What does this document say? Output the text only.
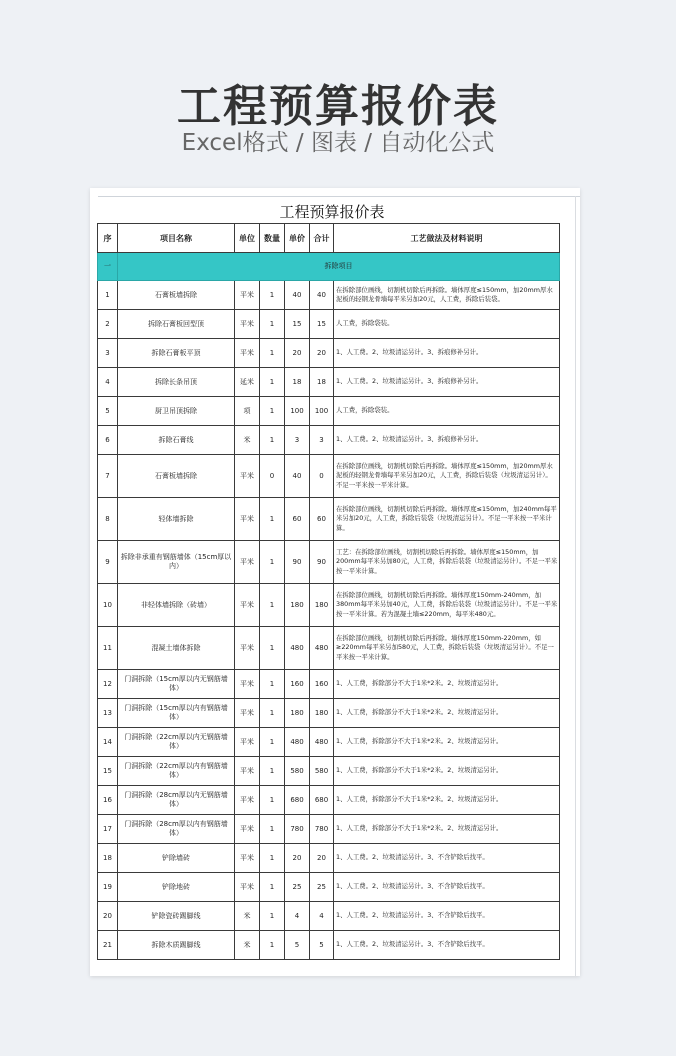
工程预算报价表
Excel格式 / 图表 / 自动化公式
工程预算报价表
序	项目名称	单位	数量	单价	合计	工艺做法及材料说明
一	拆除项目					
1	石膏板墙拆除	平米	1	40	40	在拆除部位画线，切割机切除后再拆除。墙体厚度≤150mm，加20mm厚水泥板的轻钢龙骨墙每平米另加20元，人工费，拆除后装袋。
2	拆除石膏板回型顶	平米	1	15	15	人工费，拆除袋装。
3	拆除石膏板平顶	平米	1	20	20	1、人工费。2、垃圾清运另计。3、拆痕修补另计。
4	拆除长条吊顶	延米	1	18	18	1、人工费。2、垃圾清运另计。3、拆痕修补另计。
5	厨卫吊顶拆除	项	1	100	100	人工费，拆除袋装。
6	拆除石膏线	米	1	3	3	1、人工费。2、垃圾清运另计。3、拆痕修补另计。
7	石膏板墙拆除	平米	0	40	0	在拆除部位画线，切割机切除后再拆除。墙体厚度≤150mm，加20mm厚水泥板的轻钢龙骨墙每平米另加20元，人工费，拆除后装袋（垃圾清运另计）。不足一平米按一平米计算。
8	轻体墙拆除	平米	1	60	60	在拆除部位画线，切割机切除后再拆除。墙体厚度≤150mm，加240mm每平米另加20元，人工费，拆除后装袋（垃圾清运另计）。不足一平米按一平米计算。
9	拆除非承重有钢筋墙体（15cm厚以内）	平米	1	90	90	工艺：在拆除部位画线，切割机切除后再拆除。墙体厚度≤150mm，加200mm每平米另加80元，人工费，拆除后装袋（垃圾清运另计）。不足一平米按一平米计算。
10	非轻体墙拆除（砖墙）	平米	1	180	180	在拆除部位画线，切割机切除后再拆除。墙体厚度150mm-240mm，加380mm每平米另加40元，人工费，拆除后装袋（垃圾清运另计）。不足一平米按一平米计算。若为混凝土墙≤220mm，每平米480元。
11	混凝土墙体拆除	平米	1	480	480	在拆除部位画线，切割机切除后再拆除。墙体厚度150mm-220mm，如≥220mm每平米另加580元，人工费，拆除后装袋（垃圾清运另计）。不足一平米按一平米计算。
12	门洞拆除（15cm厚以内无钢筋墙体）	平米	1	160	160	1、人工费，拆除部分不大于1米*2米。2、垃圾清运另计。
13	门洞拆除（15cm厚以内有钢筋墙体）	平米	1	180	180	1、人工费，拆除部分不大于1米*2米。2、垃圾清运另计。
14	门洞拆除（22cm厚以内无钢筋墙体）	平米	1	480	480	1、人工费，拆除部分不大于1米*2米。2、垃圾清运另计。
15	门洞拆除（22cm厚以内有钢筋墙体）	平米	1	580	580	1、人工费，拆除部分不大于1米*2米。2、垃圾清运另计。
16	门洞拆除（28cm厚以内无钢筋墙体）	平米	1	680	680	1、人工费，拆除部分不大于1米*2米。2、垃圾清运另计。
17	门洞拆除（28cm厚以内有钢筋墙体）	平米	1	780	780	1、人工费，拆除部分不大于1米*2米。2、垃圾清运另计。
18	铲除墙砖	平米	1	20	20	1、人工费。2、垃圾清运另计。3、不含铲除后找平。
19	铲除地砖	平米	1	25	25	1、人工费。2、垃圾清运另计。3、不含铲除后找平。
20	铲除瓷砖踢脚线	米	1	4	4	1、人工费。2、垃圾清运另计。3、不含铲除后找平。
21	拆除木质踢脚线	米	1	5	5	1、人工费。2、垃圾清运另计。3、不含铲除后找平。
